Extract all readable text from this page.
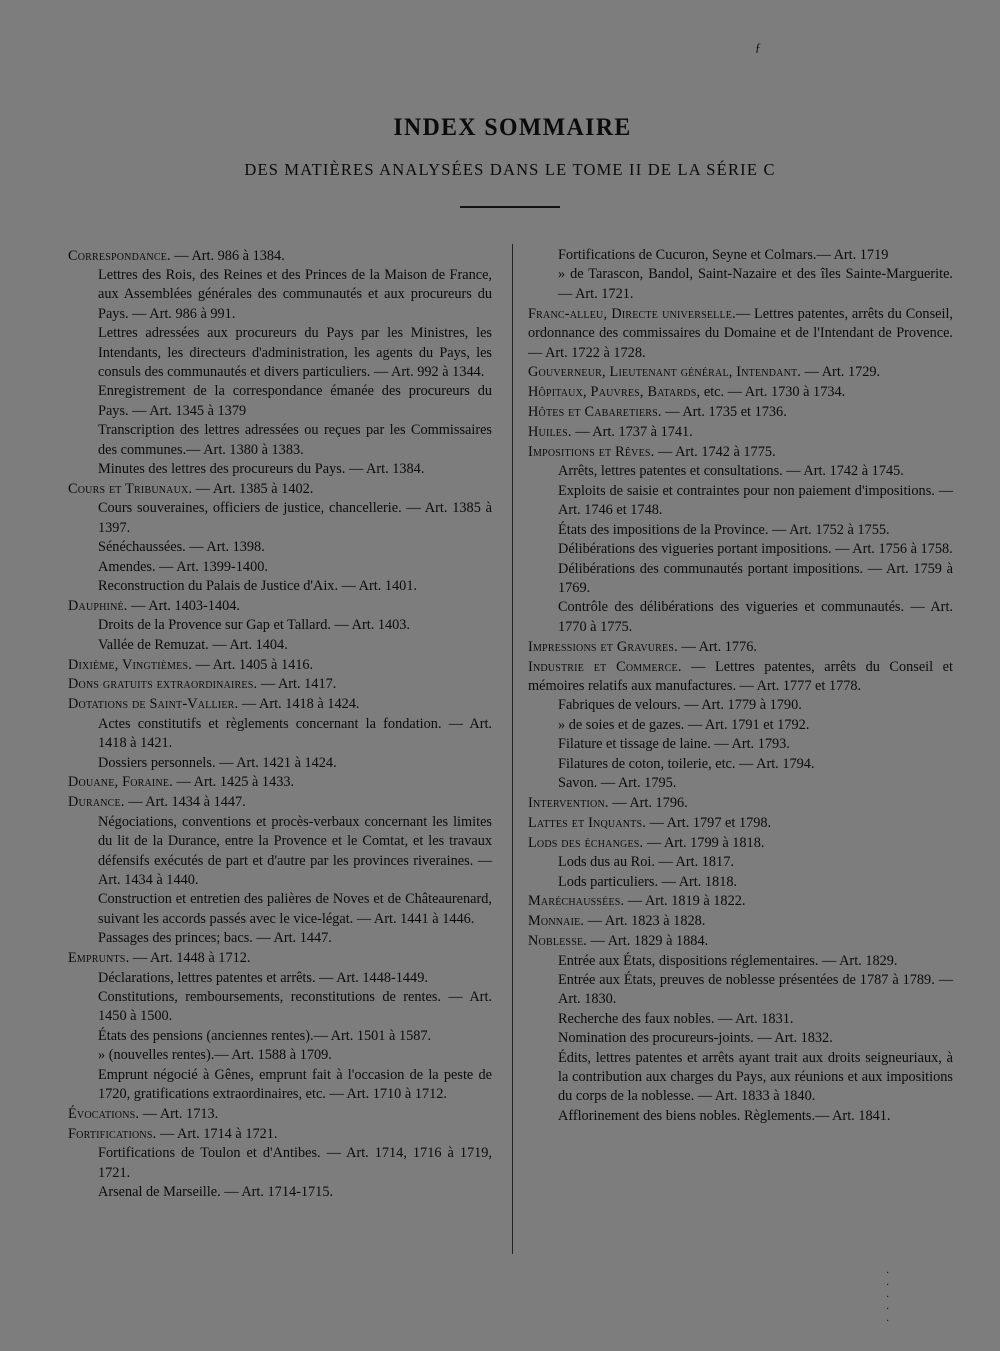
ƒ
INDEX SOMMAIRE
DES MATIÈRES ANALYSÉES DANS LE TOME II DE LA SÉRIE C
Correspondance. — Art. 986 à 1384.
Lettres des Rois, des Reines et des Princes de la Maison de France, aux Assemblées générales des communautés et aux procureurs du Pays. — Art. 986 à 991.
Lettres adressées aux procureurs du Pays par les Ministres, les Intendants, les directeurs d'administration, les agents du Pays, les consuls des communautés et divers particuliers. — Art. 992 à 1344.
Enregistrement de la correspondance émanée des procureurs du Pays. — Art. 1345 à 1379
Transcription des lettres adressées ou reçues par les Commissaires des communes.— Art. 1380 à 1383.
Minutes des lettres des procureurs du Pays. — Art. 1384.
Cours et Tribunaux. — Art. 1385 à 1402.
Cours souveraines, officiers de justice, chancellerie. — Art. 1385 à 1397.
Sénéchaussées. — Art. 1398.
Amendes. — Art. 1399-1400.
Reconstruction du Palais de Justice d'Aix. — Art. 1401.
Dauphiné. — Art. 1403-1404.
Droits de la Provence sur Gap et Tallard. — Art. 1403.
Vallée de Remuzat. — Art. 1404.
Dixième, Vingtièmes. — Art. 1405 à 1416.
Dons gratuits extraordinaires. — Art. 1417.
Dotations de Saint-Vallier. — Art. 1418 à 1424.
Actes constitutifs et règlements concernant la fondation. — Art. 1418 à 1421.
Dossiers personnels. — Art. 1421 à 1424.
Douane, Foraine. — Art. 1425 à 1433.
Durance. — Art. 1434 à 1447.
Négociations, conventions et procès-verbaux concernant les limites du lit de la Durance, entre la Provence et le Comtat, et les travaux défensifs exécutés de part et d'autre par les provinces riveraines. — Art. 1434 à 1440.
Construction et entretien des palières de Noves et de Châteaurenard, suivant les accords passés avec le vice-légat. — Art. 1441 à 1446.
Passages des princes; bacs. — Art. 1447.
Emprunts. — Art. 1448 à 1712.
Déclarations, lettres patentes et arrêts. — Art. 1448-1449.
Constitutions, remboursements, reconstitutions de rentes. — Art. 1450 à 1500.
États des pensions (anciennes rentes).— Art. 1501 à 1587.
» (nouvelles rentes).— Art. 1588 à 1709.
Emprunt négocié à Gênes, emprunt fait à l'occasion de la peste de 1720, gratifications extraordinaires, etc. — Art. 1710 à 1712.
Évocations. — Art. 1713.
Fortifications. — Art. 1714 à 1721.
Fortifications de Toulon et d'Antibes. — Art. 1714, 1716 à 1719, 1721.
Arsenal de Marseille. — Art. 1714-1715.
Fortifications de Cucuron, Seyne et Colmars.— Art. 1719
» de Tarascon, Bandol, Saint-Nazaire et des îles Sainte-Marguerite. — Art. 1721.
Franc-alleu, Directe universelle.— Lettres patentes, arrêts du Conseil, ordonnance des commissaires du Domaine et de l'Intendant de Provence. — Art. 1722 à 1728.
Gouverneur, Lieutenant général, Intendant. — Art. 1729.
Hôpitaux, Pauvres, Batards, etc. — Art. 1730 à 1734.
Hôtes et Cabaretiers. — Art. 1735 et 1736.
Huiles. — Art. 1737 à 1741.
Impositions et Rêves. — Art. 1742 à 1775.
Arrêts, lettres patentes et consultations. — Art. 1742 à 1745.
Exploits de saisie et contraintes pour non paiement d'impositions. — Art. 1746 et 1748.
États des impositions de la Province. — Art. 1752 à 1755.
Délibérations des vigueries portant impositions. — Art. 1756 à 1758.
Délibérations des communautés portant impositions. — Art. 1759 à 1769.
Contrôle des délibérations des vigueries et communautés. — Art. 1770 à 1775.
Impressions et Gravures. — Art. 1776.
Industrie et Commerce. — Lettres patentes, arrêts du Conseil et mémoires relatifs aux manufactures. — Art. 1777 et 1778.
Fabriques de velours. — Art. 1779 à 1790.
» de soies et de gazes. — Art. 1791 et 1792.
Filature et tissage de laine. — Art. 1793.
Filatures de coton, toilerie, etc. — Art. 1794.
Savon. — Art. 1795.
Intervention. — Art. 1796.
Lattes et Inquants. — Art. 1797 et 1798.
Lods des échanges. — Art. 1799 à 1818.
Lods dus au Roi. — Art. 1817.
Lods particuliers. — Art. 1818.
Maréchaussées. — Art. 1819 à 1822.
Monnaie. — Art. 1823 à 1828.
Noblesse. — Art. 1829 à 1884.
Entrée aux États, dispositions réglementaires. — Art. 1829.
Entrée aux États, preuves de noblesse présentées de 1787 à 1789. — Art. 1830.
Recherche des faux nobles. — Art. 1831.
Nomination des procureurs-joints. — Art. 1832.
Édits, lettres patentes et arrêts ayant trait aux droits seigneuriaux, à la contribution aux charges du Pays, aux réunions et aux impositions du corps de la noblesse. — Art. 1833 à 1840.
Afflorinement des biens nobles. Règlements.— Art. 1841.
·
·
·
·
·
